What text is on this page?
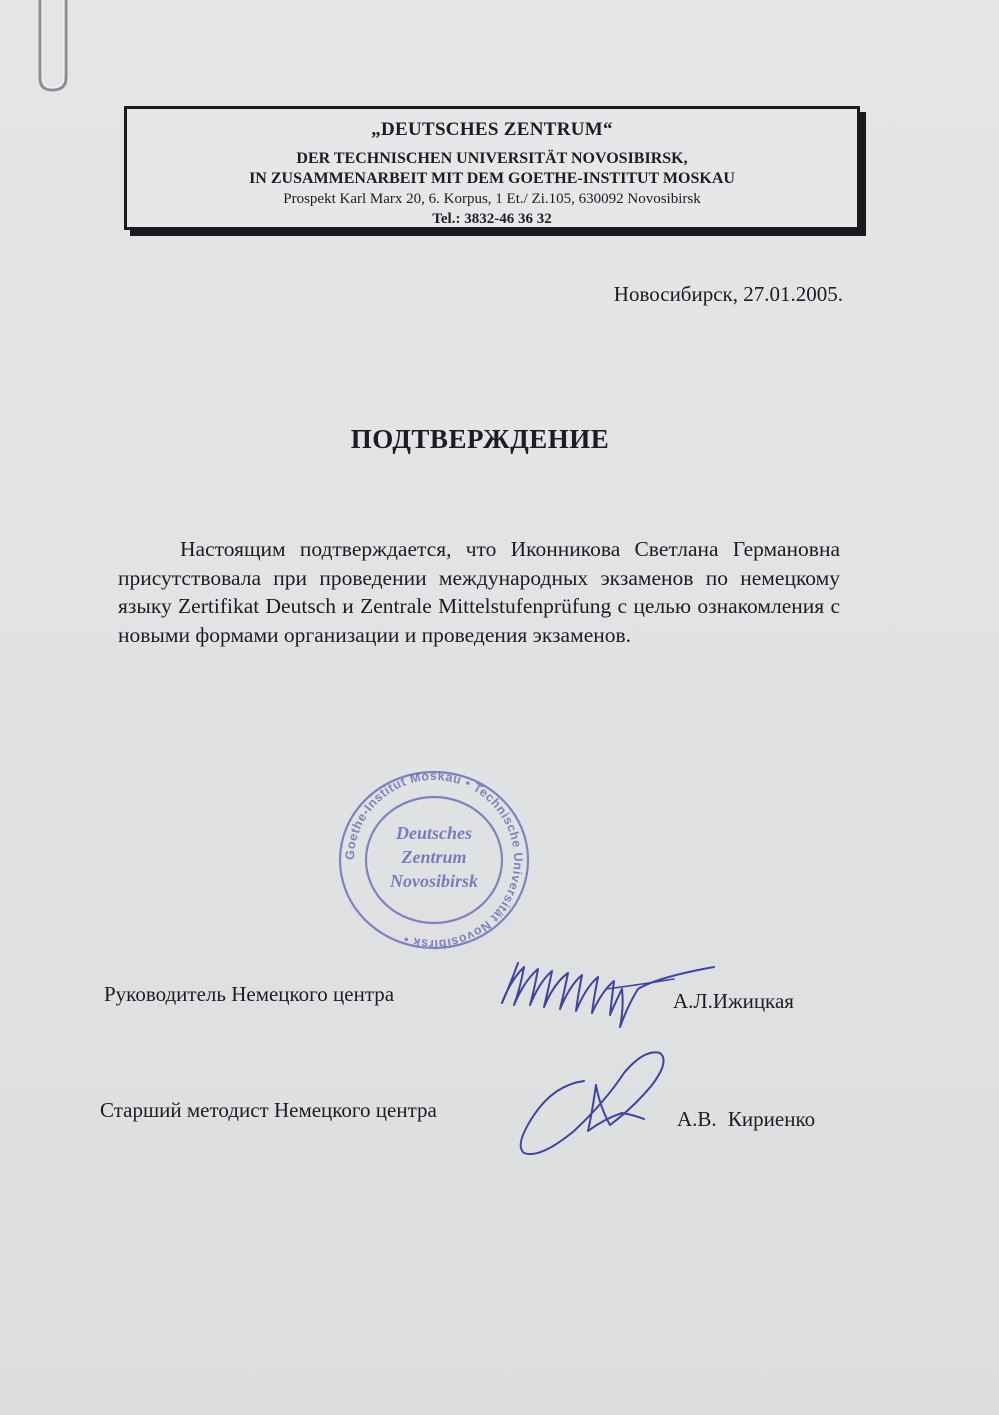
„DEUTSCHES ZENTRUM“
DER TECHNISCHEN UNIVERSITÄT NOVOSIBIRSK,
IN ZUSAMMENARBEIT MIT DEM GOETHE-INSTITUT MOSKAU
Prospekt Karl Marx 20, 6. Korpus, 1 Et./ Zi.105, 630092 Novosibirsk
Tel.: 3832-46 36 32
Новосибирск, 27.01.2005.
ПОДТВЕРЖДЕНИЕ
Настоящим подтверждается, что Иконникова Светлана Германовна присутствовала при проведении международных экзаменов по немецкому языку Zertifikat Deutsch и Zentrale Mittelstufenprüfung с целью ознакомления с новыми формами организации и проведения экзаменов.
Goethe-Institut Moskau • Technische Universität Novosibirsk •
Deutsches
Zentrum
Novosibirsk
Руководитель Немецкого центра	А.Л.Ижицкая
Старший методист Немецкого центра	А.В. Кириенко
